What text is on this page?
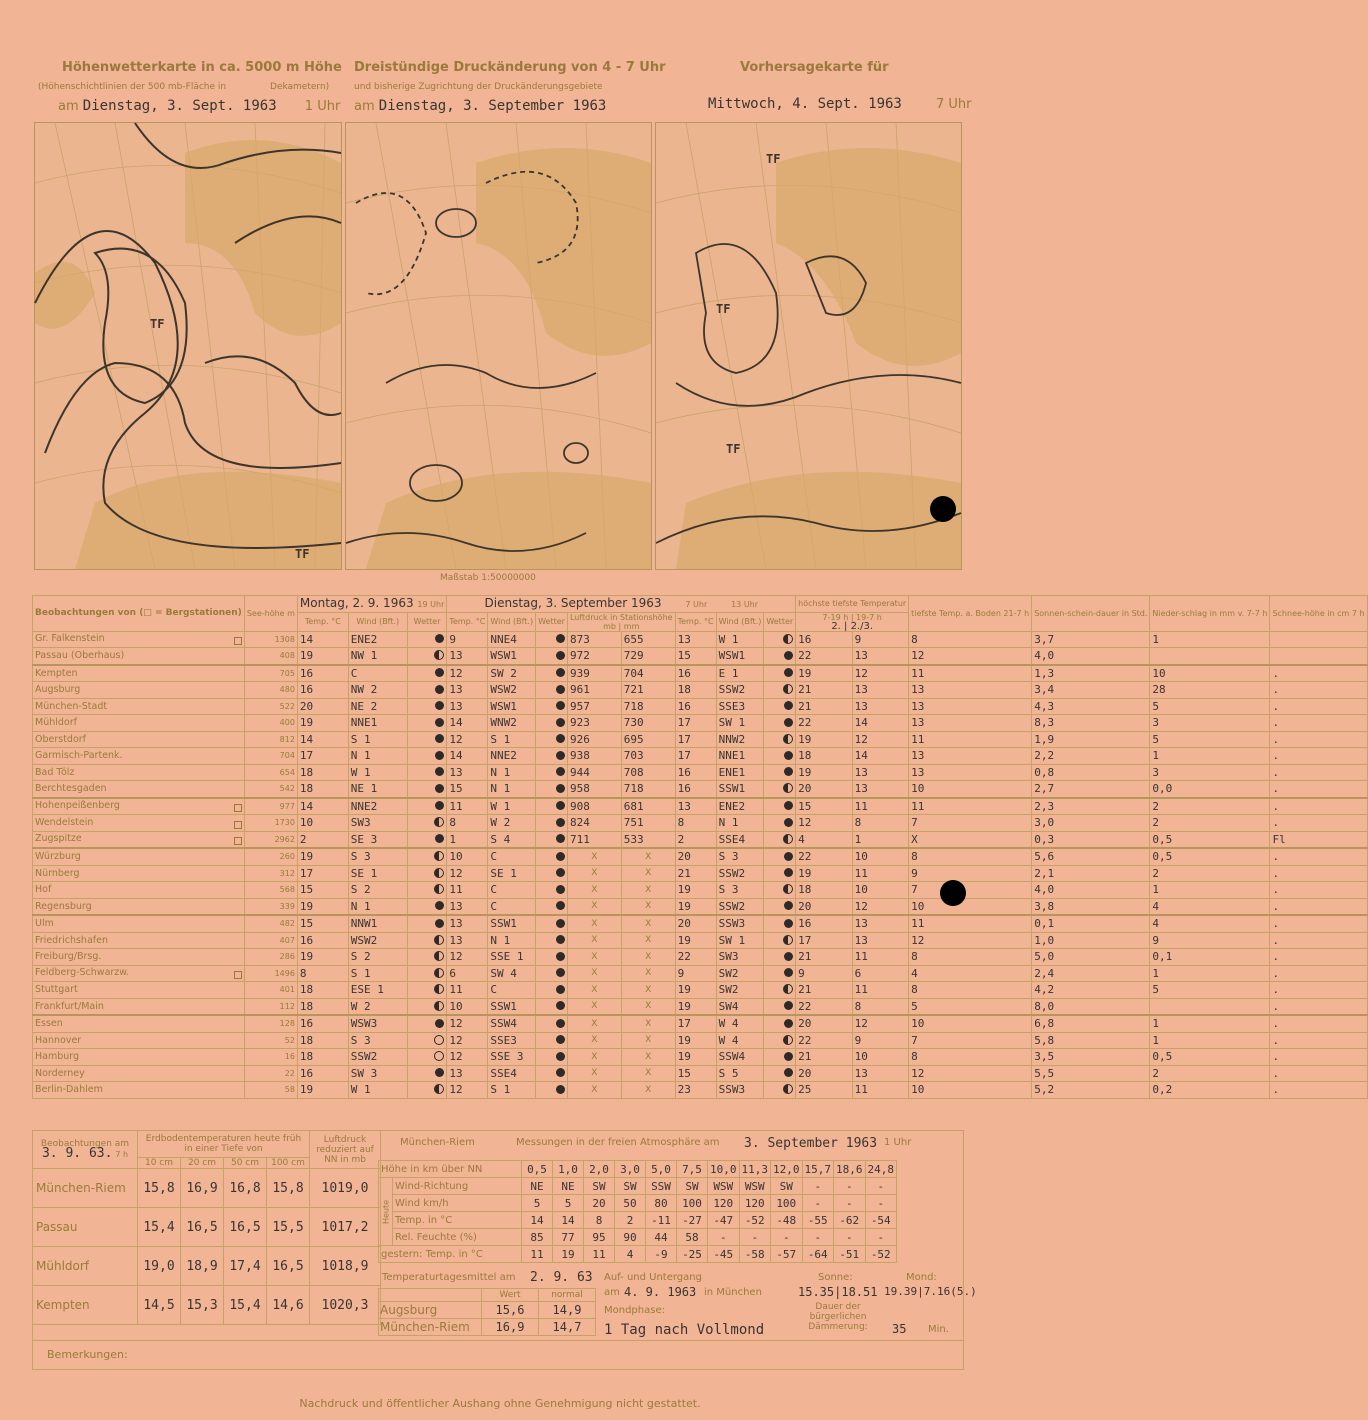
Höhenwetterkarte in ca. 5000 m Höhe
(Höhenschichtlinien der 500 mb-Fläche in	Dekametern)
am Dienstag, 3. Sept. 1963 1 Uhr
Dreistündige Druckänderung von 4 - 7 Uhr
und bisherige Zugrichtung der Druckänderungsgebiete
am Dienstag, 3. September 1963
Vorhersagekarte für
Mittwoch, 4. Sept. 1963	7 Uhr
TF
TF
TF
TF
TF
Maßstab 1:50000000
Beobachtungen von (□ = Bergstationen)	See-höhe m	Montag, 2. 9. 1963 19 Uhr			Dienstag, 3. September 1963 7 Uhr 13 Uhr								höchste tiefste Temperatur		tiefste Temp. a. Boden 21-7 h	Sonnen-schein-dauer in Std.	Nieder-schlag in mm v. 7-7 h	Schnee-höhe in cm 7 h
		Temp. °C	Wind (Bft.)	Wetter	Temp. °C	Wind (Bft.)	Wetter	Luftdruck in Stationshöhe
mb | mm		Temp. °C	Wind (Bft.)	Wetter	7-19 h | 19-7 h
2. | 2./3.					
Gr. Falkenstein	1308	14	ENE2		9	NNE4		873	655	13	W 1		16	9	8	3,7	1	
Passau (Oberhaus)	408	19	NW 1		13	WSW1		972	729	15	WSW1		22	13	12	4,0		
Kempten	705	16	C		12	SW 2		939	704	16	E 1		19	12	11	1,3	10	.
Augsburg	480	16	NW 2		13	WSW2		961	721	18	SSW2		21	13	13	3,4	28	.
München-Stadt	522	20	NE 2		13	WSW1		957	718	16	SSE3		21	13	13	4,3	5	.
Mühldorf	400	19	NNE1		14	WNW2		923	730	17	SW 1		22	14	13	8,3	3	.
Oberstdorf	812	14	S 1		12	S 1		926	695	17	NNW2		19	12	11	1,9	5	.
Garmisch-Partenk.	704	17	N 1		14	NNE2		938	703	17	NNE1		18	14	13	2,2	1	.
Bad Tölz	654	18	W 1		13	N 1		944	708	16	ENE1		19	13	13	0,8	3	.
Berchtesgaden	542	18	NE 1		15	N 1		958	718	16	SSW1		20	13	10	2,7	0,0	.
Hohenpeißenberg	977	14	NNE2		11	W 1		908	681	13	ENE2		15	11	11	2,3	2	.
Wendelstein	1730	10	SW3		8	W 2		824	751	8	N 1		12	8	7	3,0	2	.
Zugspitze	2962	2	SE 3		1	S 4		711	533	2	SSE4		4	1	X	0,3	0,5	Fl
Würzburg	260	19	S 3		10	C		X	X	20	S 3		22	10	8	5,6	0,5	.
Nürnberg	312	17	SE 1		12	SE 1		X	X	21	SSW2		19	11	9	2,1	2	.
Hof	568	15	S 2		11	C		X	X	19	S 3		18	10	7	4,0	1	.
Regensburg	339	19	N 1		13	C		X	X	19	SSW2		20	12	10	3,8	4	.
Ulm	482	15	NNW1		13	SSW1		X	X	20	SSW3		16	13	11	0,1	4	.
Friedrichshafen	407	16	WSW2		13	N 1		X	X	19	SW 1		17	13	12	1,0	9	.
Freiburg/Brsg.	286	19	S 2		12	SSE 1		X	X	22	SW3		21	11	8	5,0	0,1	.
Feldberg-Schwarzw.	1496	8	S 1		6	SW 4		X	X	9	SW2		9	6	4	2,4	1	.
Stuttgart	401	18	ESE 1		11	C		X	X	19	SW2		21	11	8	4,2	5	.
Frankfurt/Main	112	18	W 2		10	SSW1		X	X	19	SW4		22	8	5	8,0		.
Essen	128	16	WSW3		12	SSW4		X	X	17	W 4		20	12	10	6,8	1	.
Hannover	52	18	S 3		12	SSE3		X	X	19	W 4		22	9	7	5,8	1	.
Hamburg	16	18	SSW2		12	SSE 3		X	X	19	SSW4		21	10	8	3,5	0,5	.
Norderney	22	16	SW 3		13	SSE4		X	X	15	S 5		20	13	12	5,5	2	.
Berlin-Dahlem	58	19	W 1		12	S 1		X	X	23	SSW3		25	11	10	5,2	0,2	.
Beobachtungen am
3. 9. 63. 7 h	Erdbodentemperaturen heute früh in einer Tiefe von				Luftdruck reduziert auf NN in mb
	10 cm	20 cm	50 cm	100 cm	
München-Riem	15,8	16,9	16,8	15,8	1019,0
Passau	15,4	16,5	16,5	15,5	1017,2
Mühldorf	19,0	18,9	17,4	16,5	1018,9
Kempten	14,5	15,3	15,4	14,6	1020,3
München-Riem	Messungen in der freien Atmosphäre am 3. September 1963 1 Uhr
Höhe in km über NN		0,5	1,0	2,0	3,0	5,0	7,5	10,0	11,3	12,0	15,7	18,6	24,8
Heute	Wind-Richtung	NE	NE	SW	SW	SSW	SW	WSW	WSW	SW	-	-	-
	Wind km/h	5	5	20	50	80	100	120	120	100	-	-	-
	Temp. in °C	14	14	8	2	-11	-27	-47	-52	-48	-55	-62	-54
	Rel. Feuchte (%)	85	77	95	90	44	58	-	-	-	-	-	-
gestern: Temp. in °C		11	19	11	4	-9	-25	-45	-58	-57	-64	-51	-52
Temperaturtagesmittel am 2. 9. 63
	Wert	normal
Augsburg	15,6	14,9
München-Riem	16,9	14,7
Auf- und Untergang
am 4. 9. 1963 in München
Sonne:
15.35|18.51
Mond:
19.39|7.16(5.)
Mondphase:
1 Tag nach Vollmond
Dauer der bürgerlichen Dämmerung:	35 Min.
Bemerkungen:
Nachdruck und öffentlicher Aushang ohne Genehmigung nicht gestattet.
